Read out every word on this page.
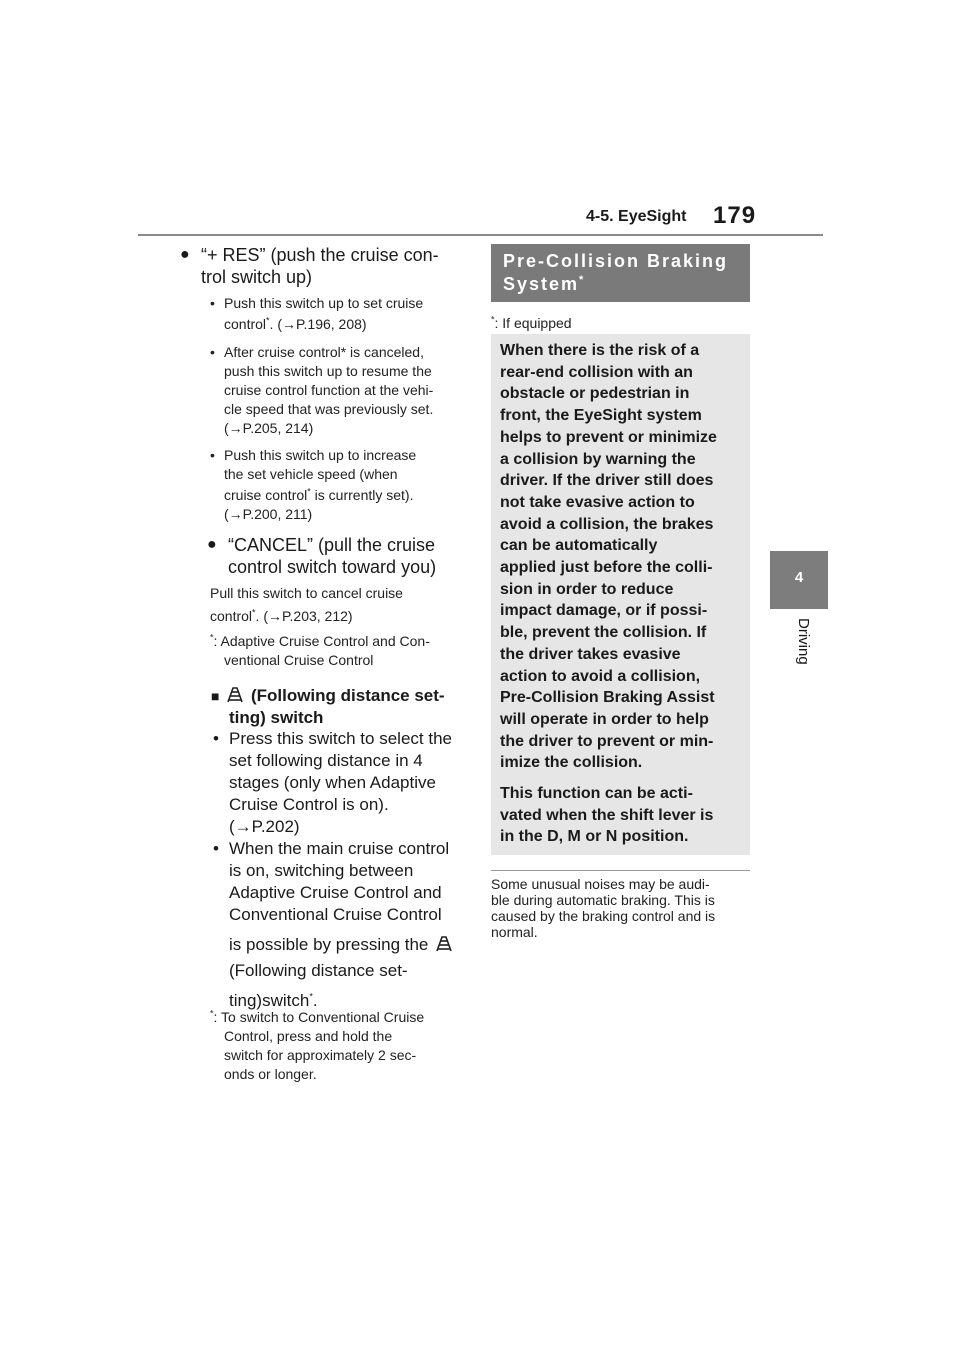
4-5. EyeSight 179
4
Driving
● “+ RES” (push the cruise con-
trol switch up)
• Push this switch up to set cruise
control*. (→P.196, 208)
• After cruise control* is canceled,
push this switch up to resume the
cruise control function at the vehi-
cle speed that was previously set.
(→P.205, 214)
• Push this switch up to increase
the set vehicle speed (when
cruise control* is currently set).
(→P.200, 211)
● “CANCEL” (pull the cruise
control switch toward you)
Pull this switch to cancel cruise
control*. (→P.203, 212)
*: Adaptive Cruise Control and Con-
ventional Cruise Control
■  (Following distance set-
ting) switch
• Press this switch to select the
set following distance in 4
stages (only when Adaptive
Cruise Control is on).
(→P.202)
• When the main cruise control
is on, switching between
Adaptive Cruise Control and
Conventional Cruise Control
is possible by pressing the
(Following distance set-
ting)switch*.
*: To switch to Conventional Cruise
Control, press and hold the
switch for approximately 2 sec-
onds or longer.
Pre-Collision Braking
System*
*: If equipped
When there is the risk of a
rear-end collision with an
obstacle or pedestrian in
front, the EyeSight system
helps to prevent or minimize
a collision by warning the
driver. If the driver still does
not take evasive action to
avoid a collision, the brakes
can be automatically
applied just before the colli-
sion in order to reduce
impact damage, or if possi-
ble, prevent the collision. If
the driver takes evasive
action to avoid a collision,
Pre-Collision Braking Assist
will operate in order to help
the driver to prevent or min-
imize the collision.
This function can be acti-
vated when the shift lever is
in the D, M or N position.
Some unusual noises may be audi-
ble during automatic braking. This is
caused by the braking control and is
normal.
